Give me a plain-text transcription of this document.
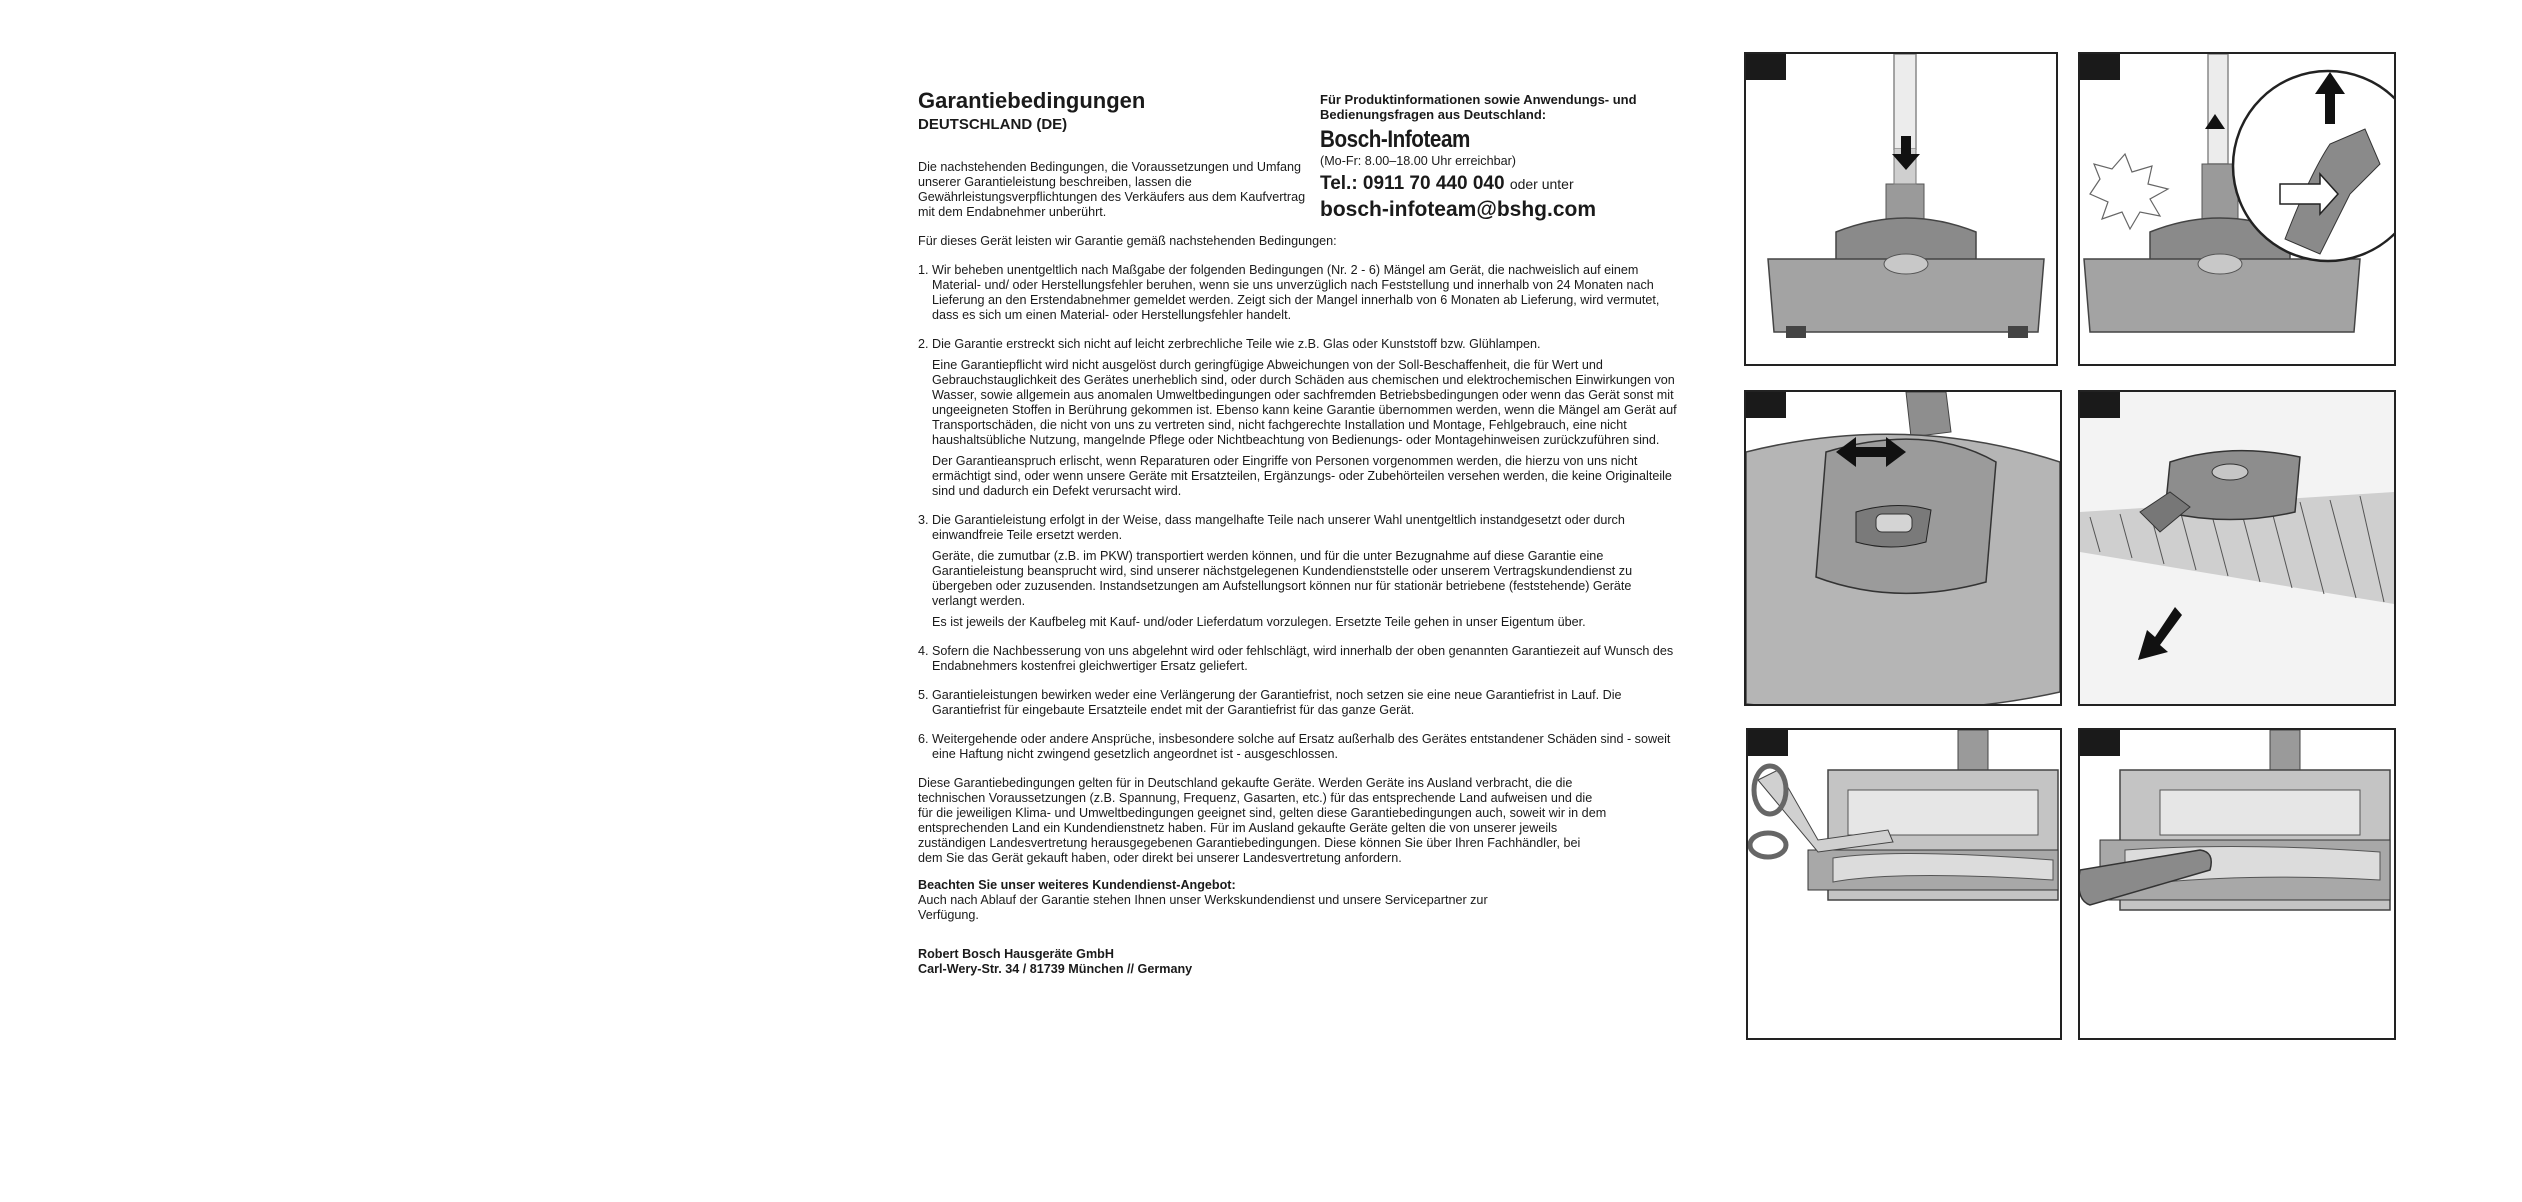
Garantiebedingungen
DEUTSCHLAND (DE)

Die nachstehenden Bedingungen, die Voraussetzungen und Umfang unserer Garantieleistung beschreiben, lassen die Gewährleistungsverpflichtungen des Verkäufers aus dem Kaufvertrag mit dem Endabnehmer unberührt.

Für dieses Gerät leisten wir Garantie gemäß nachstehenden Bedingungen:

1. Wir beheben unentgeltlich nach Maßgabe der folgenden Bedingungen (Nr. 2 - 6) Mängel am Gerät, die nachweislich auf einem Material- und/ oder Herstellungsfehler beruhen, wenn sie uns unverzüglich nach Feststellung und innerhalb von 24 Monaten nach Lieferung an den Erstendabnehmer gemeldet werden. Zeigt sich der Mangel innerhalb von 6 Monaten ab Lieferung, wird vermutet, dass es sich um einen Material- oder Herstellungsfehler handelt.

2. Die Garantie erstreckt sich nicht auf leicht zerbrechliche Teile wie z.B. Glas oder Kunststoff bzw. Glühlampen.

Eine Garantiepflicht wird nicht ausgelöst durch geringfügige Abweichungen von der Soll-Beschaffenheit, die für Wert und Gebrauchstauglichkeit des Gerätes unerheblich sind, oder durch Schäden aus chemischen und elektrochemischen Einwirkungen von Wasser, sowie allgemein aus anomalen Umweltbedingungen oder sachfremden Betriebsbedingungen oder wenn das Gerät sonst mit ungeeigneten Stoffen in Berührung gekommen ist. Ebenso kann keine Garantie übernommen werden, wenn die Mängel am Gerät auf Transportschäden, die nicht von uns zu vertreten sind, nicht fachgerechte Installation und Montage, Fehlgebrauch, eine nicht haushaltsübliche Nutzung, mangelnde Pflege oder Nichtbeachtung von Bedienungs- oder Montagehinweisen zurückzuführen sind.

Der Garantieanspruch erlischt, wenn Reparaturen oder Eingriffe von Personen vorgenommen werden, die hierzu von uns nicht ermächtigt sind, oder wenn unsere Geräte mit Ersatzteilen, Ergänzungs- oder Zubehörteilen versehen werden, die keine Originalteile sind und dadurch ein Defekt verursacht wird.

3. Die Garantieleistung erfolgt in der Weise, dass mangelhafte Teile nach unserer Wahl unentgeltlich instandgesetzt oder durch einwandfreie Teile ersetzt werden.

Geräte, die zumutbar (z.B. im PKW) transportiert werden können, und für die unter Bezugnahme auf diese Garantie eine Garantieleistung beansprucht wird, sind unserer nächstgelegenen Kundendienststelle oder unserem Vertragskundendienst zu übergeben oder zuzusenden. Instandsetzungen am Aufstellungsort können nur für stationär betriebene (feststehende) Geräte verlangt werden.

Es ist jeweils der Kaufbeleg mit Kauf- und/oder Lieferdatum vorzulegen. Ersetzte Teile gehen in unser Eigentum über.

4. Sofern die Nachbesserung von uns abgelehnt wird oder fehlschlägt, wird innerhalb der oben genannten Garantiezeit auf Wunsch des Endabnehmers kostenfrei gleichwertiger Ersatz geliefert.

5. Garantieleistungen bewirken weder eine Verlängerung der Garantiefrist, noch setzen sie eine neue Garantiefrist in Lauf. Die Garantiefrist für eingebaute Ersatzteile endet mit der Garantiefrist für das ganze Gerät.

6. Weitergehende oder andere Ansprüche, insbesondere solche auf Ersatz außerhalb des Gerätes entstandener Schäden sind - soweit eine Haftung nicht zwingend gesetzlich angeordnet ist - ausgeschlossen.

Diese Garantiebedingungen gelten für in Deutschland gekaufte Geräte. Werden Geräte ins Ausland verbracht, die die technischen Voraussetzungen (z.B. Spannung, Frequenz, Gasarten, etc.) für das entsprechende Land aufweisen und die für die jeweiligen Klima- und Umweltbedingungen geeignet sind, gelten diese Garantiebedingungen auch, soweit wir in dem entsprechenden Land ein Kundendienstnetz haben. Für im Ausland gekaufte Geräte gelten die von unserer jeweils zuständigen Landesvertretung herausgegebenen Garantiebedingungen. Diese können Sie über Ihren Fachhändler, bei dem Sie das Gerät gekauft haben, oder direkt bei unserer Landesvertretung anfordern.

Beachten Sie unser weiteres Kundendienst-Angebot:

Auch nach Ablauf der Garantie stehen Ihnen unser Werkskundendienst und unsere Servicepartner zur Verfügung.

Robert Bosch Hausgeräte GmbH

Carl-Wery-Str. 34 / 81739 München // Germany

Für Produktinformationen sowie Anwendungs- und Bedienungsfragen aus Deutschland:

Bosch-Infoteam

(Mo-Fr: 8.00–18.00 Uhr erreichbar)

Tel.: 0911 70 440 040 oder unter

bosch-infoteam@bshg.com
